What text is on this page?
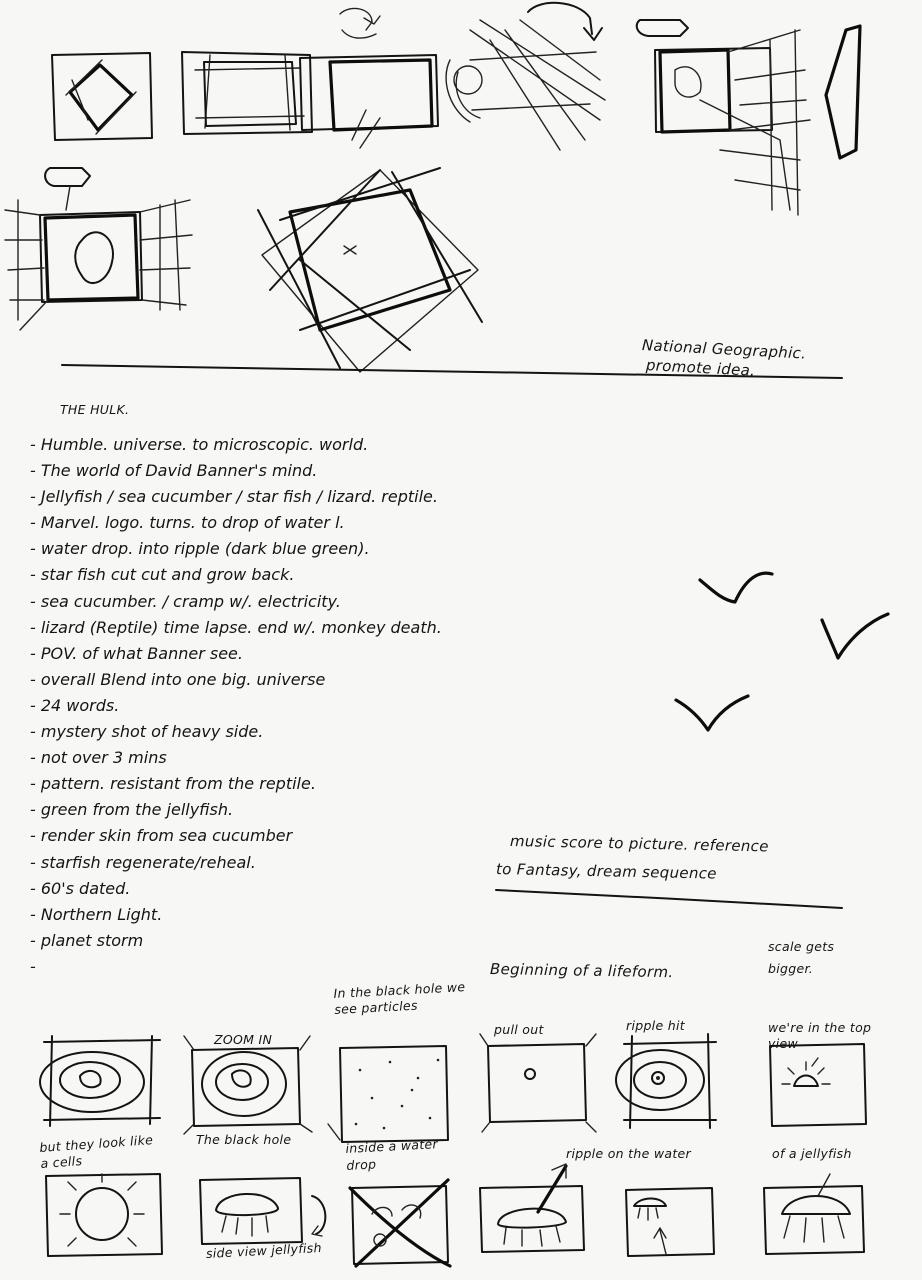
National Geographic.
promote idea.
THE HULK.
- Humble. universe. to microscopic. world.
- The world of David Banner's mind.
- Jellyfish / sea cucumber / star fish / lizard. reptile.
- Marvel. logo. turns. to drop of water l.
- water drop. into ripple (dark blue green).
- star fish cut cut and grow back.
- sea cucumber. / cramp w/. electricity.
- lizard (Reptile) time lapse. end w/. monkey death.
- POV. of what Banner see.
- overall Blend into one big. universe
- 24 words.
- mystery shot of heavy side.
- not over 3 mins
- pattern. resistant from the reptile.
- green from the jellyfish.
- render skin from sea cucumber
- starfish regenerate/reheal.
- 60's dated.
- Northern Light.
- planet storm
-
music score to picture. reference
to Fantasy, dream sequence
Beginning of a lifeform.
scale gets bigger.
ZOOM IN
In the black hole we see particles
pull out	ripple hit	we're in the top view
but they look like a cells
The black hole	inside a water drop
ripple on the water	of a jellyfish
side view jellyfish
